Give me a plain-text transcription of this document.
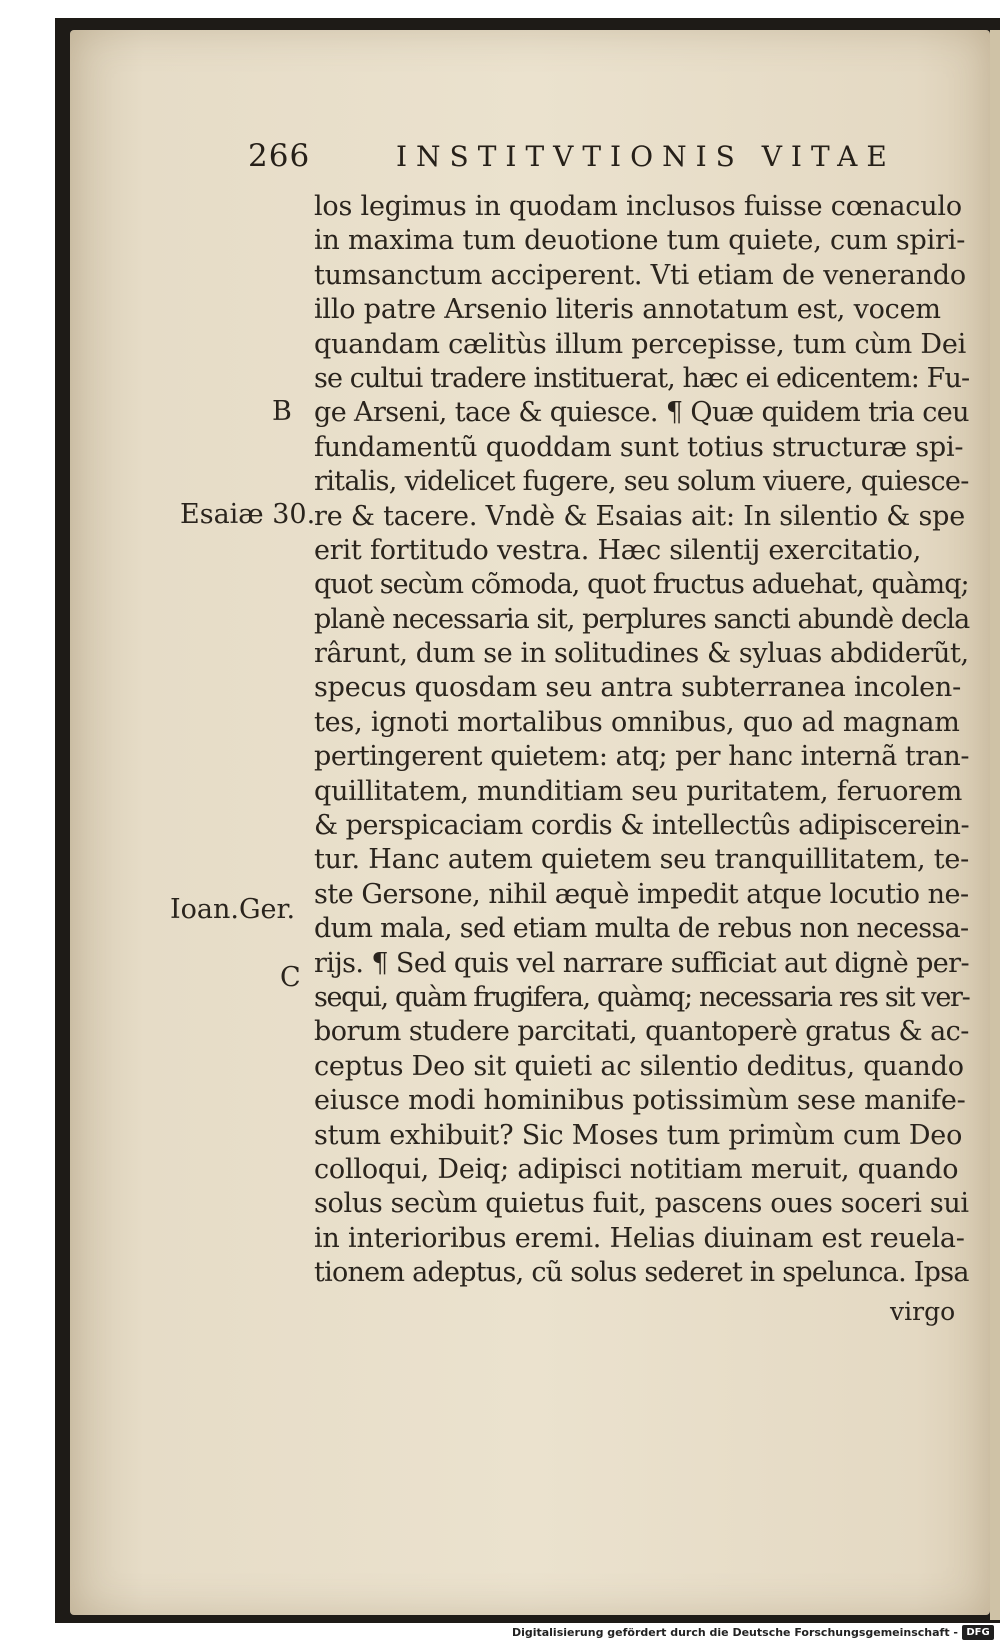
266	INSTITVTIONIS VITAE
los legimus in quodam inclusos fuisse cœnaculo
in maxima tum deuotione tum quiete, cum spiri-
tumsanctum acciperent. Vti etiam de venerando
illo patre Arsenio literis annotatum est, vocem
quandam cælitùs illum percepisse, tum cùm Dei
se cultui tradere instituerat, hæc ei edicentem: Fu-
ge Arseni, tace & quiesce. ¶ Quæ quidem tria ceu
fundamentũ quoddam sunt totius structuræ spi-
ritalis, videlicet fugere, seu solum viuere, quiesce-
re & tacere. Vndè & Esaias ait: In silentio & spe
erit fortitudo vestra. Hæc silentij exercitatio,
quot secùm cõmoda, quot fructus aduehat, quàmq;
planè necessaria sit, perplures sancti abundè decla
rârunt, dum se in solitudines & syluas abdiderũt,
specus quosdam seu antra subterranea incolen-
tes, ignoti mortalibus omnibus, quo ad magnam
pertingerent quietem: atq; per hanc internã tran-
quillitatem, munditiam seu puritatem, feruorem
& perspicaciam cordis & intellectûs adipiscerein-
tur. Hanc autem quietem seu tranquillitatem, te-
ste Gersone, nihil æquè impedit atque locutio ne-
dum mala, sed etiam multa de rebus non necessa-
rijs. ¶ Sed quis vel narrare sufficiat aut dignè per-
sequi, quàm frugifera, quàmq; necessaria res sit ver-
borum studere parcitati, quantoperè gratus & ac-
ceptus Deo sit quieti ac silentio deditus, quando
eiusce modi hominibus potissimùm sese manife-
stum exhibuit? Sic Moses tum primùm cum Deo
colloqui, Deiq; adipisci notitiam meruit, quando
solus secùm quietus fuit, pascens oues soceri sui
in interioribus eremi. Helias diuinam est reuela-
tionem adeptus, cũ solus sederet in spelunca. Ipsa
B
Esaiæ 30.
Ioan.Ger.
C
virgo
Digitalisierung gefördert durch die Deutsche Forschungsgemeinschaft - DFG
